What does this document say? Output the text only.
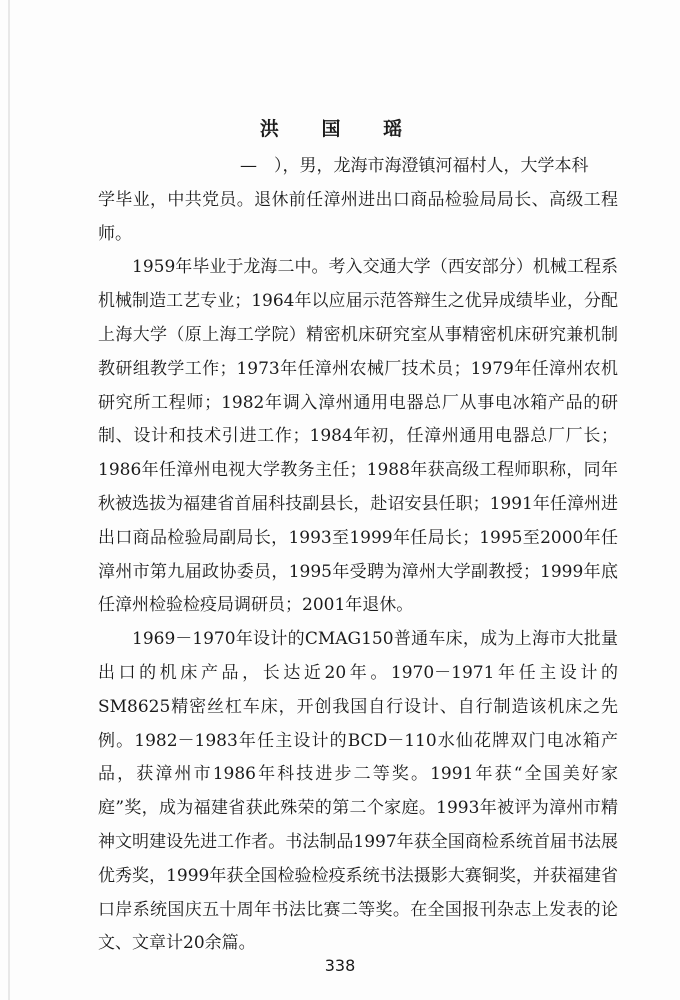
洪 国 瑶

—　），男，龙海市海澄镇河福村人，大学本科
学毕业，中共党员。退休前任漳州进出口商品检验局局长、高级工程师。

1959年毕业于龙海二中。考入交通大学（西安部分）机械工程系机械制造工艺专业；1964年以应届示范答辩生之优异成绩毕业，分配上海大学（原上海工学院）精密机床研究室从事精密机床研究兼机制教研组教学工作；1973年任漳州农械厂技术员；1979年任漳州农机研究所工程师；1982年调入漳州通用电器总厂从事电冰箱产品的研制、设计和技术引进工作；1984年初，任漳州通用电器总厂厂长；1986年任漳州电视大学教务主任；1988年获高级工程师职称，同年秋被选拔为福建省首届科技副县长，赴诏安县任职；1991年任漳州进出口商品检验局副局长，1993至1999年任局长；1995至2000年任漳州市第九届政协委员，1995年受聘为漳州大学副教授；1999年底任漳州检验检疫局调研员；2001年退休。

1969－1970年设计的CMAG150普通车床，成为上海市大批量出口的机床产品，长达近20年。1970－1971年任主设计的SM8625精密丝杠车床，开创我国自行设计、自行制造该机床之先例。1982－1983年任主设计的BCD－110水仙花牌双门电冰箱产品，获漳州市1986年科技进步二等奖。1991年获“全国美好家庭”奖，成为福建省获此殊荣的第二个家庭。1993年被评为漳州市精神文明建设先进工作者。书法制品1997年获全国商检系统首届书法展优秀奖，1999年获全国检验检疫系统书法摄影大赛铜奖，并获福建省口岸系统国庆五十周年书法比赛二等奖。在全国报刊杂志上发表的论文、文章计20余篇。

338
